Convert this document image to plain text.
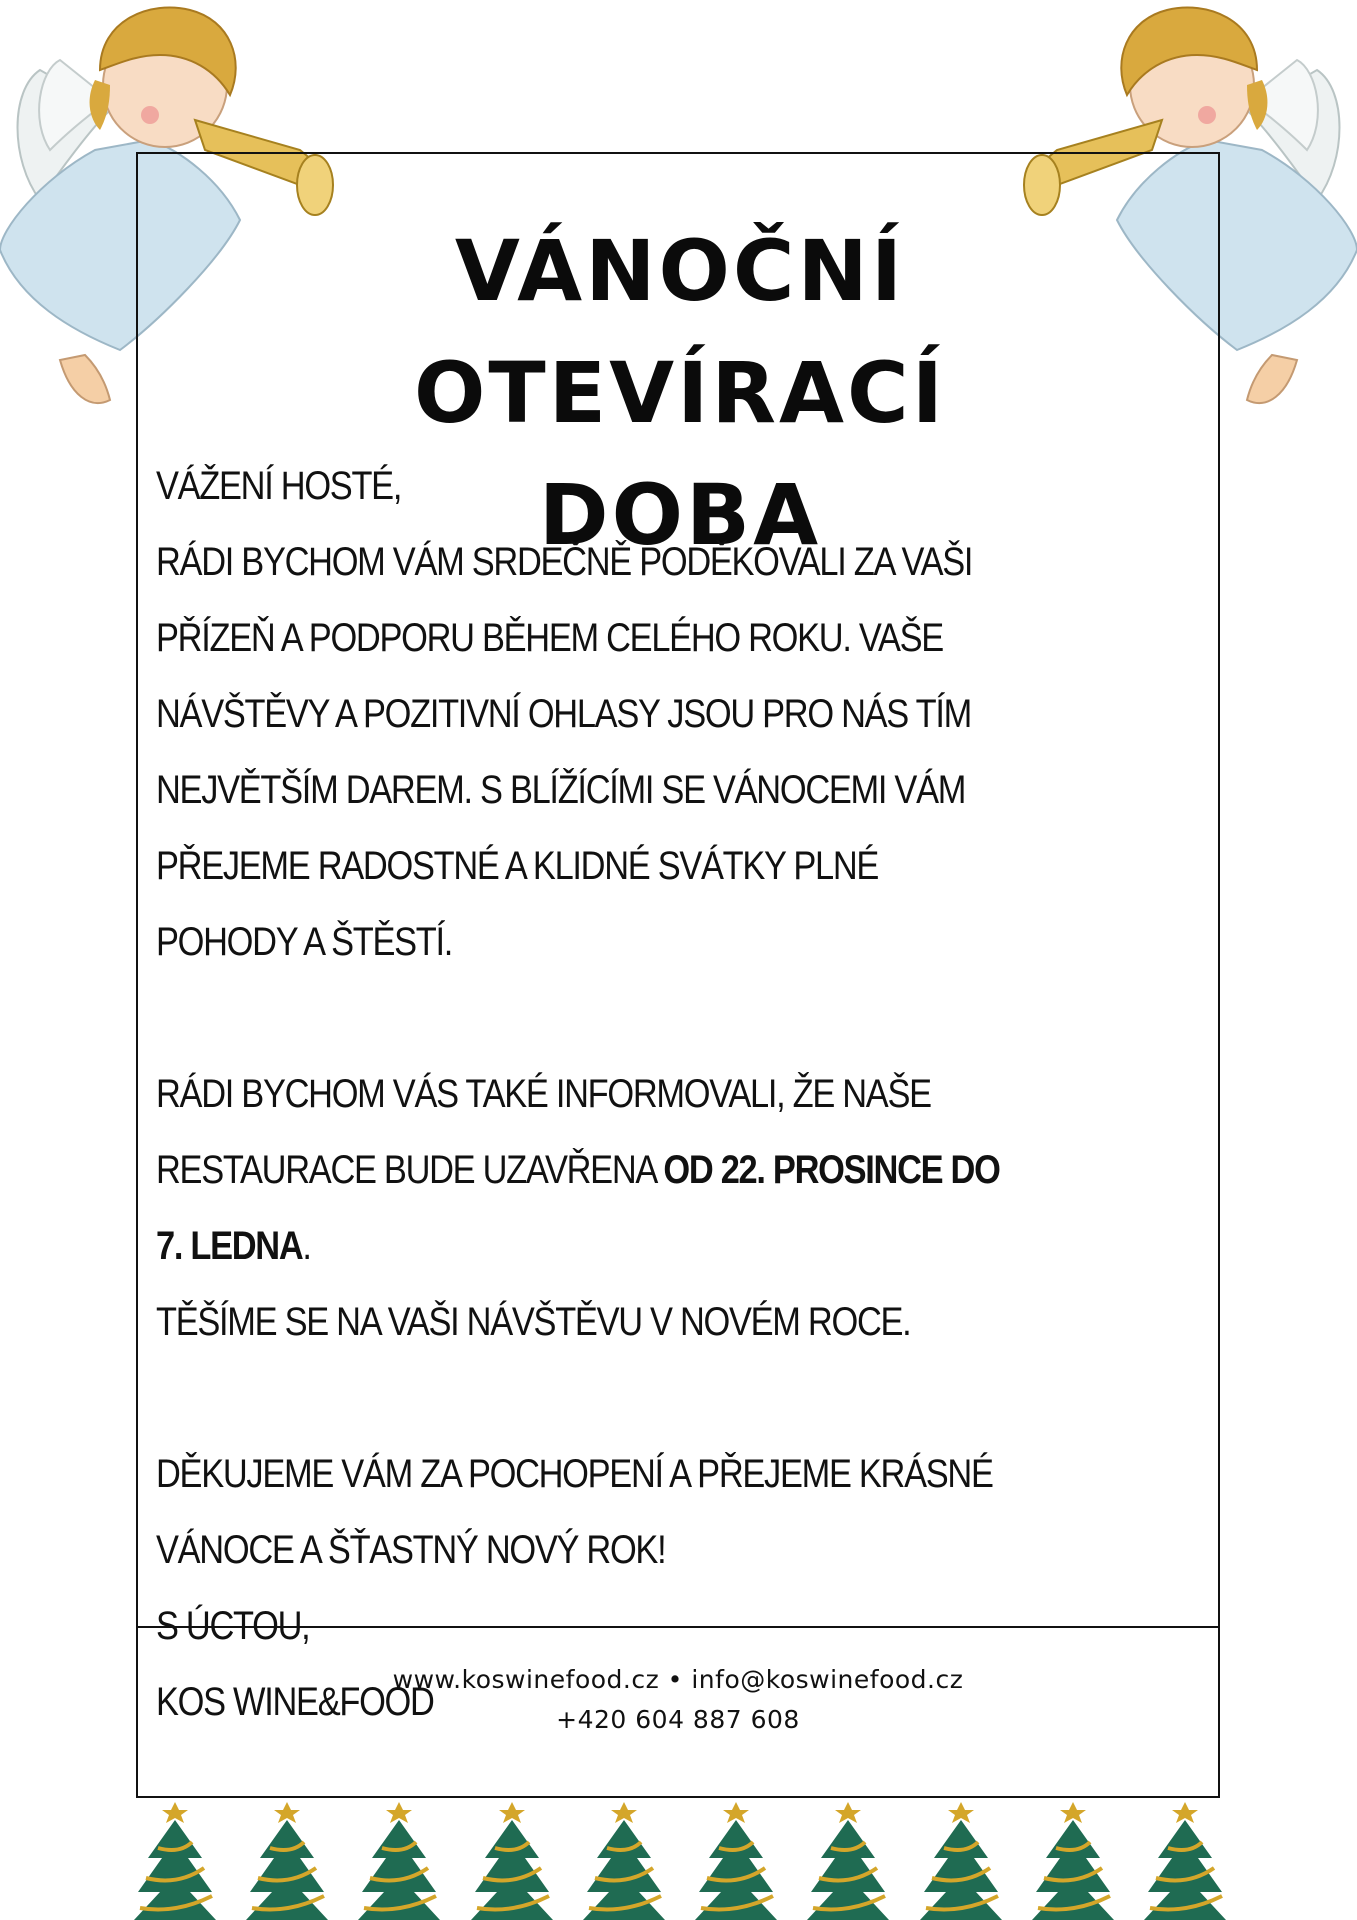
VÁNOČNÍ OTEVÍRACÍ
DOBA

VÁŽENÍ HOSTÉ,

RÁDI BYCHOM VÁM SRDEČNĚ PODĚKOVALI ZA VAŠI PŘÍZEŇ A PODPORU BĚHEM CELÉHO ROKU. VAŠE NÁVŠTĚVY A POZITIVNÍ OHLASY JSOU PRO NÁS TÍM NEJVĚTŠÍM DAREM. S BLÍŽÍCÍMI SE VÁNOCEMI VÁM PŘEJEME RADOSTNÉ A KLIDNÉ SVÁTKY PLNÉ POHODY A ŠTĚSTÍ.

RÁDI BYCHOM VÁS TAKÉ INFORMOVALI, ŽE NAŠE RESTAURACE BUDE UZAVŘENA OD 22. PROSINCE DO 7. LEDNA.

TĚŠÍME SE NA VAŠI NÁVŠTĚVU V NOVÉM ROCE.

DĚKUJEME VÁM ZA POCHOPENÍ A PŘEJEME KRÁSNÉ VÁNOCE A ŠŤASTNÝ NOVÝ ROK!

S ÚCTOU,

KOS WINE&FOOD

www.koswinefood.cz • info@koswinefood.cz
+420 604 887 608
